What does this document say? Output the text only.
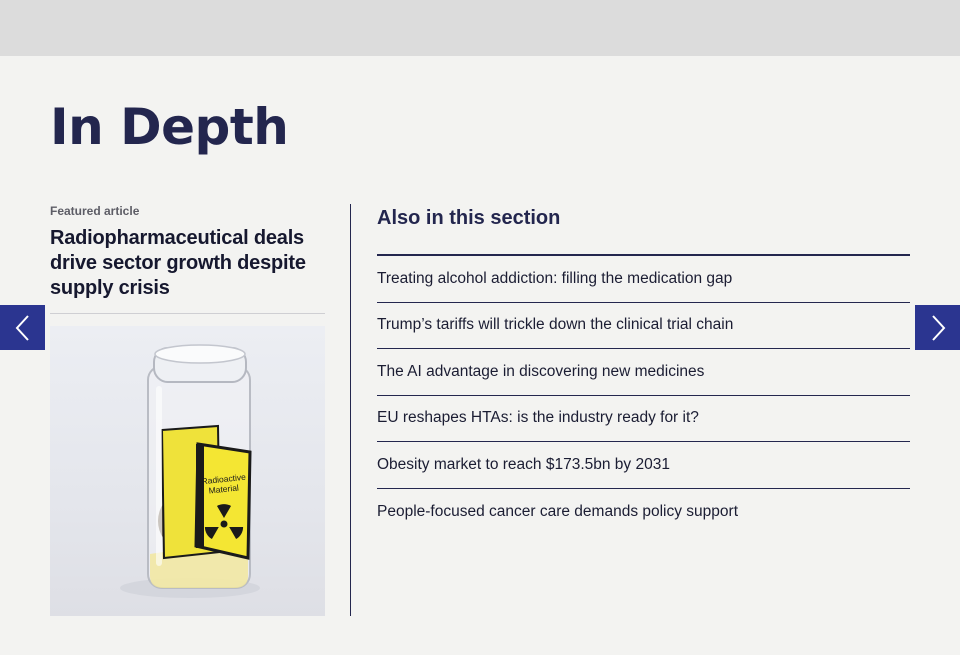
In Depth
Featured article
Radiopharmaceutical deals drive sector growth despite supply crisis
Radioactive
Material
Also in this section
Treating alcohol addiction: filling the medication gap
Trump’s tariffs will trickle down the clinical trial chain
The AI advantage in discovering new medicines
EU reshapes HTAs: is the industry ready for it?
Obesity market to reach $173.5bn by 2031
People-focused cancer care demands policy support
